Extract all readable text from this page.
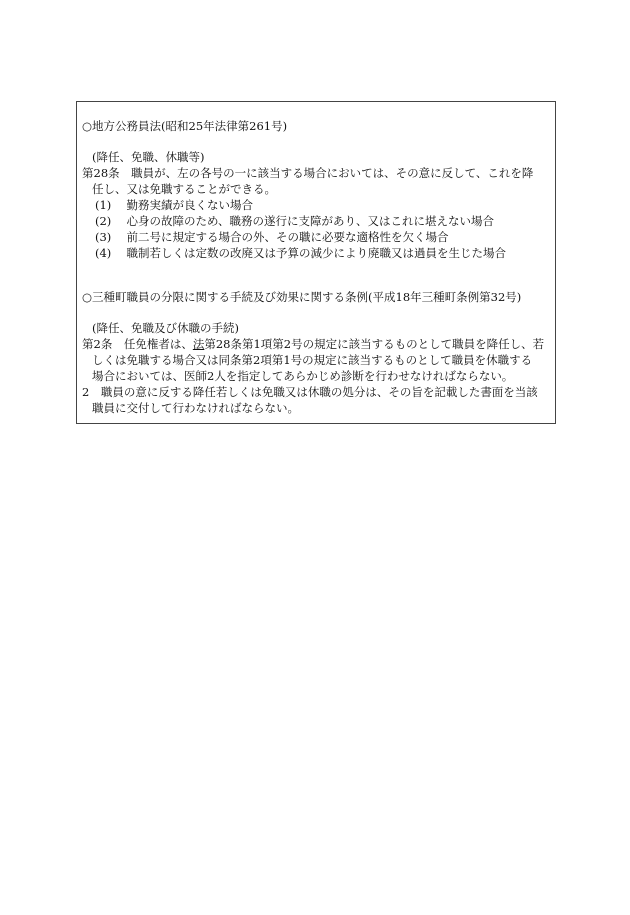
○地方公務員法(昭和25年法律第261号)
(降任、免職、休職等)
第28条　職員が、左の各号の一に該当する場合においては、その意に反して、これを降
任し、又は免職することができる。
(1)　 勤務実績が良くない場合
(2)　 心身の故障のため、職務の遂行に支障があり、又はこれに堪えない場合
(3)　 前二号に規定する場合の外、その職に必要な適格性を欠く場合
(4)　 職制若しくは定数の改廃又は予算の減少により廃職又は過員を生じた場合
○三種町職員の分限に関する手続及び効果に関する条例(平成18年三種町条例第32号)
(降任、免職及び休職の手続)
第2条　任免権者は、法第28条第1項第2号の規定に該当するものとして職員を降任し、若
しくは免職する場合又は同条第2項第1号の規定に該当するものとして職員を休職する
場合においては、医師2人を指定してあらかじめ診断を行わせなければならない。
2　職員の意に反する降任若しくは免職又は休職の処分は、その旨を記載した書面を当該
職員に交付して行わなければならない。
